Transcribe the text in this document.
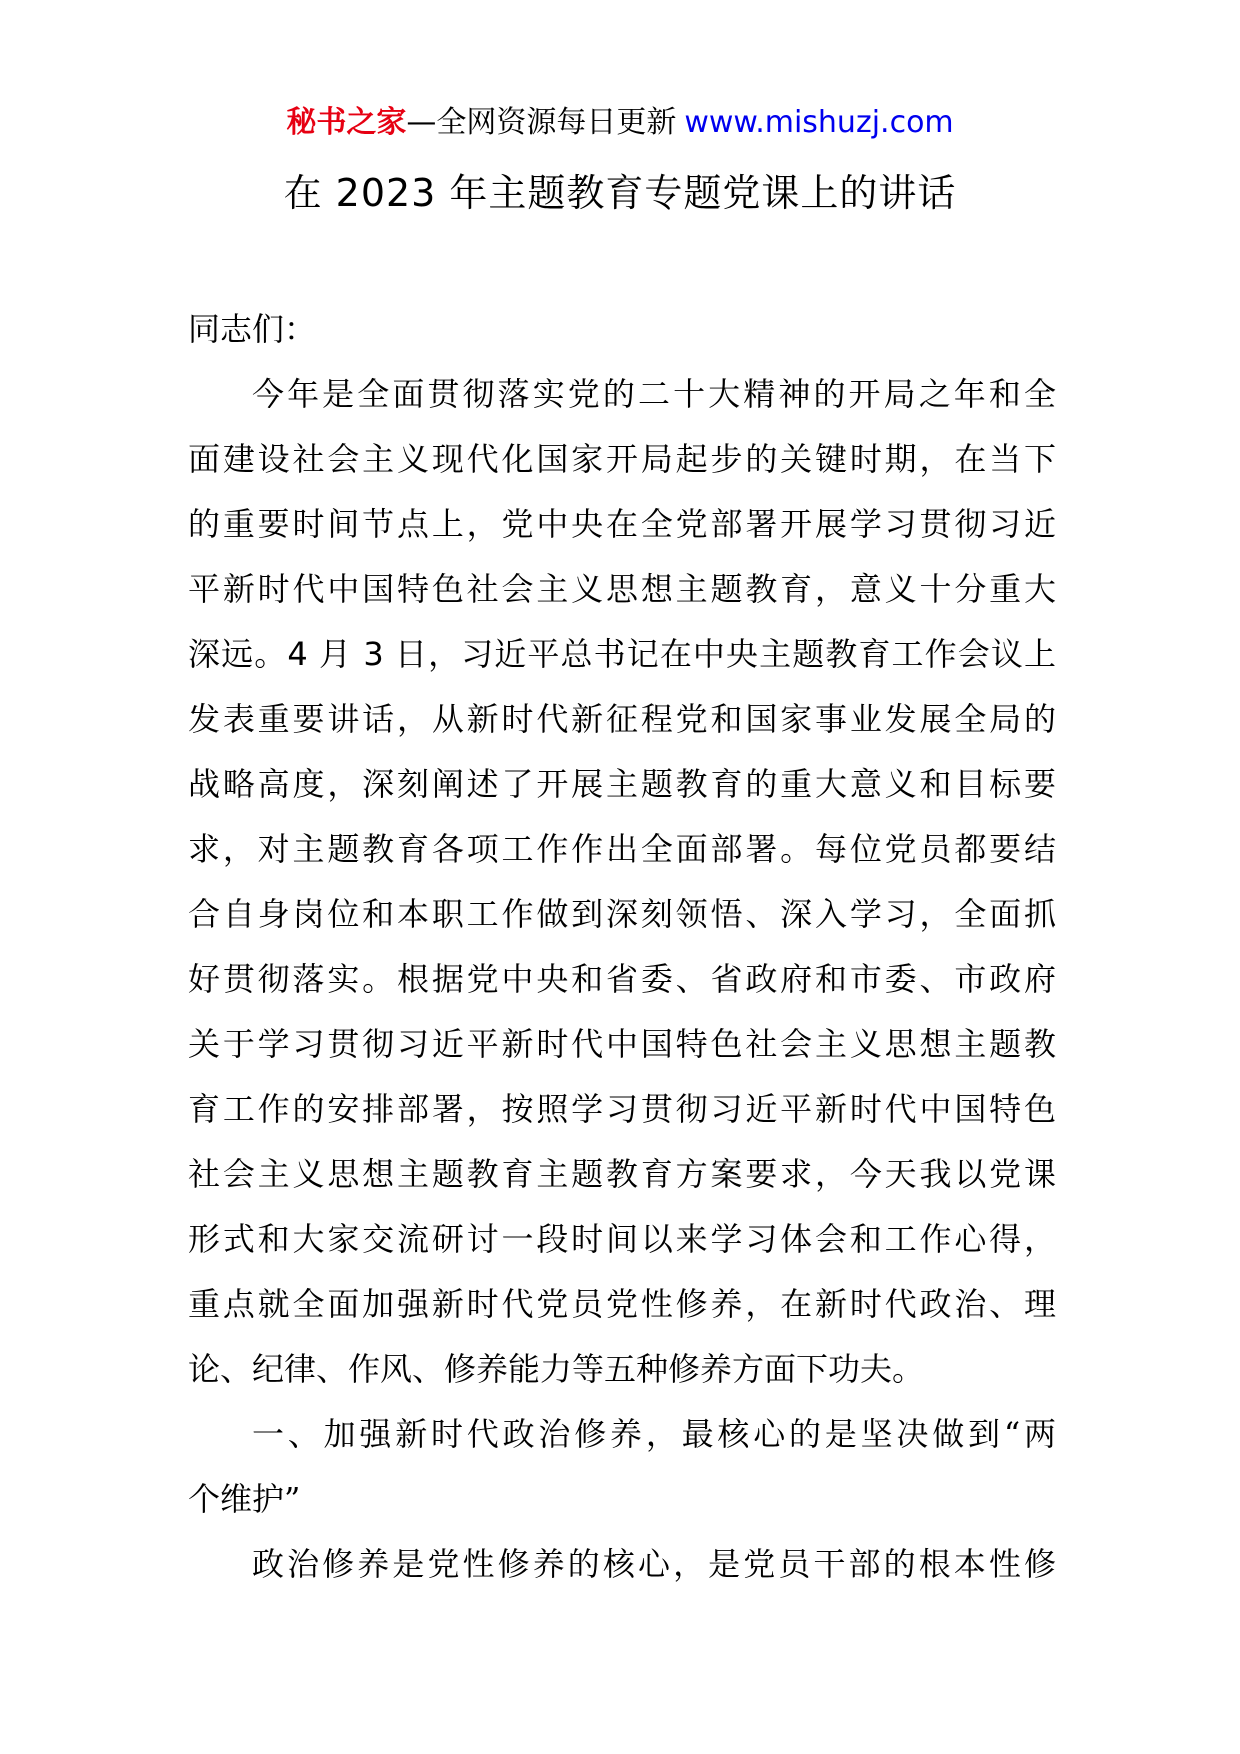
秘书之家—全网资源每日更新 www.mishuzj.com
在 2023 年主题教育专题党课上的讲话
同志们：
今年是全面贯彻落实党的二十大精神的开局之年和全
面建设社会主义现代化国家开局起步的关键时期，在当下
的重要时间节点上，党中央在全党部署开展学习贯彻习近
平新时代中国特色社会主义思想主题教育，意义十分重大
深远。4 月 3 日，习近平总书记在中央主题教育工作会议上
发表重要讲话，从新时代新征程党和国家事业发展全局的
战略高度，深刻阐述了开展主题教育的重大意义和目标要
求，对主题教育各项工作作出全面部署。每位党员都要结
合自身岗位和本职工作做到深刻领悟、深入学习，全面抓
好贯彻落实。根据党中央和省委、省政府和市委、市政府
关于学习贯彻习近平新时代中国特色社会主义思想主题教
育工作的安排部署，按照学习贯彻习近平新时代中国特色
社会主义思想主题教育主题教育方案要求，今天我以党课
形式和大家交流研讨一段时间以来学习体会和工作心得，
重点就全面加强新时代党员党性修养，在新时代政治、理
论、纪律、作风、修养能力等五种修养方面下功夫。
一、加强新时代政治修养，最核心的是坚决做到“两
个维护”
政治修养是党性修养的核心，是党员干部的根本性修
